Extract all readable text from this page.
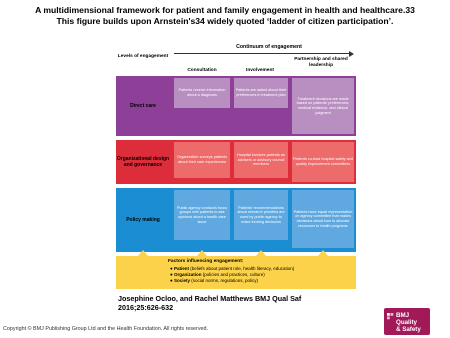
A multidimensional framework for patient and family engagement in health and healthcare.33
This figure builds upon Arnstein's34 widely quoted ‘ladder of citizen participation’.
Continuum of engagement
Levels of engagement
Consultation	Involvement
Partnership and shared leadership
Direct care
Patients receive information about a diagnosis
Patients are asked about their preferences in treatment plan
Treatment decisions are made based on patients’ preferences, medical evidence, and clinical judgment
Organizational design and governance
Organization surveys patients about their care experiences
Hospital involves patients as advisers or advisory council members
Patients co-lead hospital safety and quality improvement committees
Policy making
Public agency conducts focus groups with patients to ask opinions about a health care issue
Patients’ recommendations about research priorities are used by public agency to make funding decisions
Patients have equal representation on agency committee that makes decisions about how to allocate resources to health programs
Factors influencing engagement:
● Patient (beliefs about patient role, health literacy, education)
● Organization (policies and practices, culture)
● Society (social norms, regulations, policy)
Josephine Ocloo, and Rachel Matthews BMJ Qual Saf
2016;25:626-632
Copyright © BMJ Publishing Group Ltd and the Health Foundation. All rights reserved.
BMJ Quality
& Safety
